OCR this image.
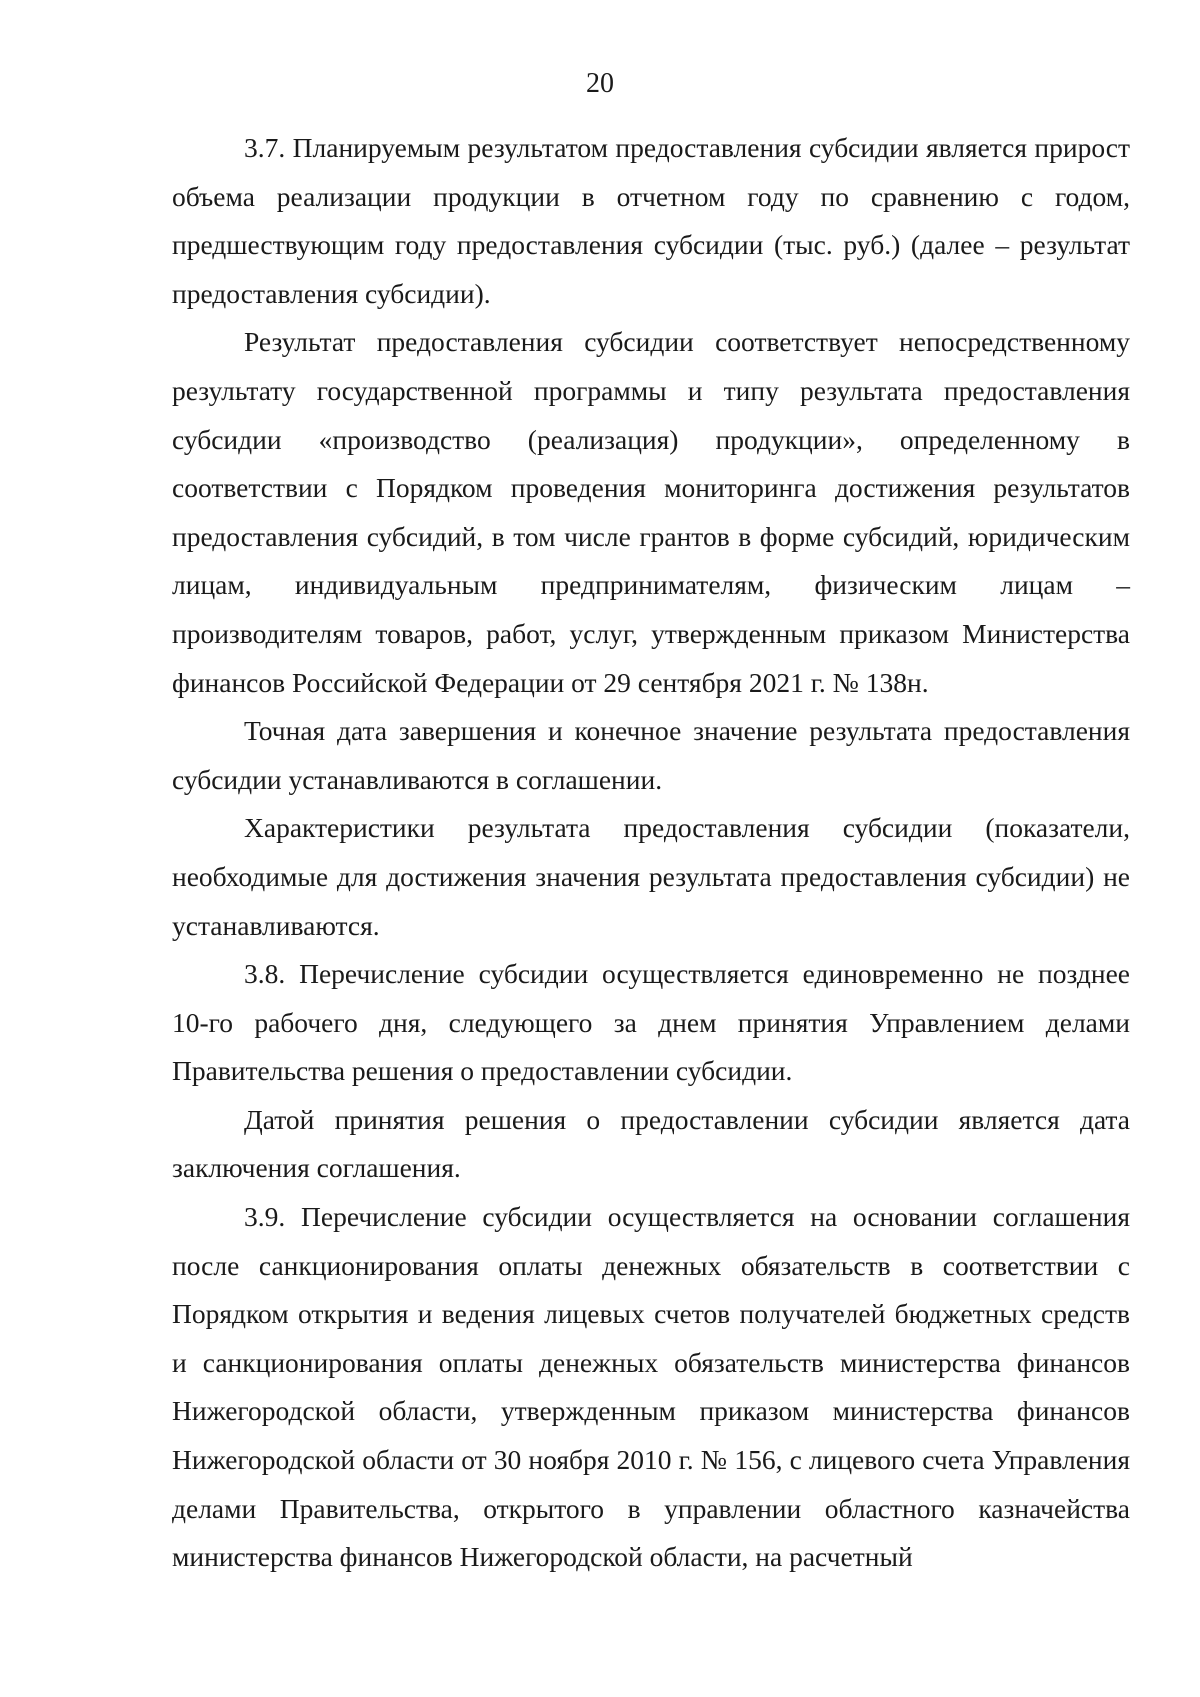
20

3.7. Планируемым результатом предоставления субсидии является прирост объема реализации продукции в отчетном году по сравнению с годом, предшествующим году предоставления субсидии (тыс. руб.) (далее – результат предоставления субсидии).

Результат предоставления субсидии соответствует непосредственному результату государственной программы и типу результата предоставления субсидии «производство (реализация) продукции», определенному в соответствии с Порядком проведения мониторинга достижения результатов предоставления субсидий, в том числе грантов в форме субсидий, юридическим лицам, индивидуальным предпринимателям, физическим лицам – производителям товаров, работ, услуг, утвержденным приказом Министерства финансов Российской Федерации от 29 сентября 2021 г. № 138н.

Точная дата завершения и конечное значение результата предоставления субсидии устанавливаются в соглашении.

Характеристики результата предоставления субсидии (показатели, необходимые для достижения значения результата предоставления субсидии) не устанавливаются.

3.8. Перечисление субсидии осуществляется единовременно не позднее 10-го рабочего дня, следующего за днем принятия Управлением делами Правительства решения о предоставлении субсидии.

Датой принятия решения о предоставлении субсидии является дата заключения соглашения.

3.9. Перечисление субсидии осуществляется на основании соглашения после санкционирования оплаты денежных обязательств в соответствии с Порядком открытия и ведения лицевых счетов получателей бюджетных средств и санкционирования оплаты денежных обязательств министерства финансов Нижегородской области, утвержденным приказом министерства финансов Нижегородской области от 30 ноября 2010 г. № 156, с лицевого счета Управления делами Правительства, открытого в управлении областного казначейства министерства финансов Нижегородской области, на расчетный
